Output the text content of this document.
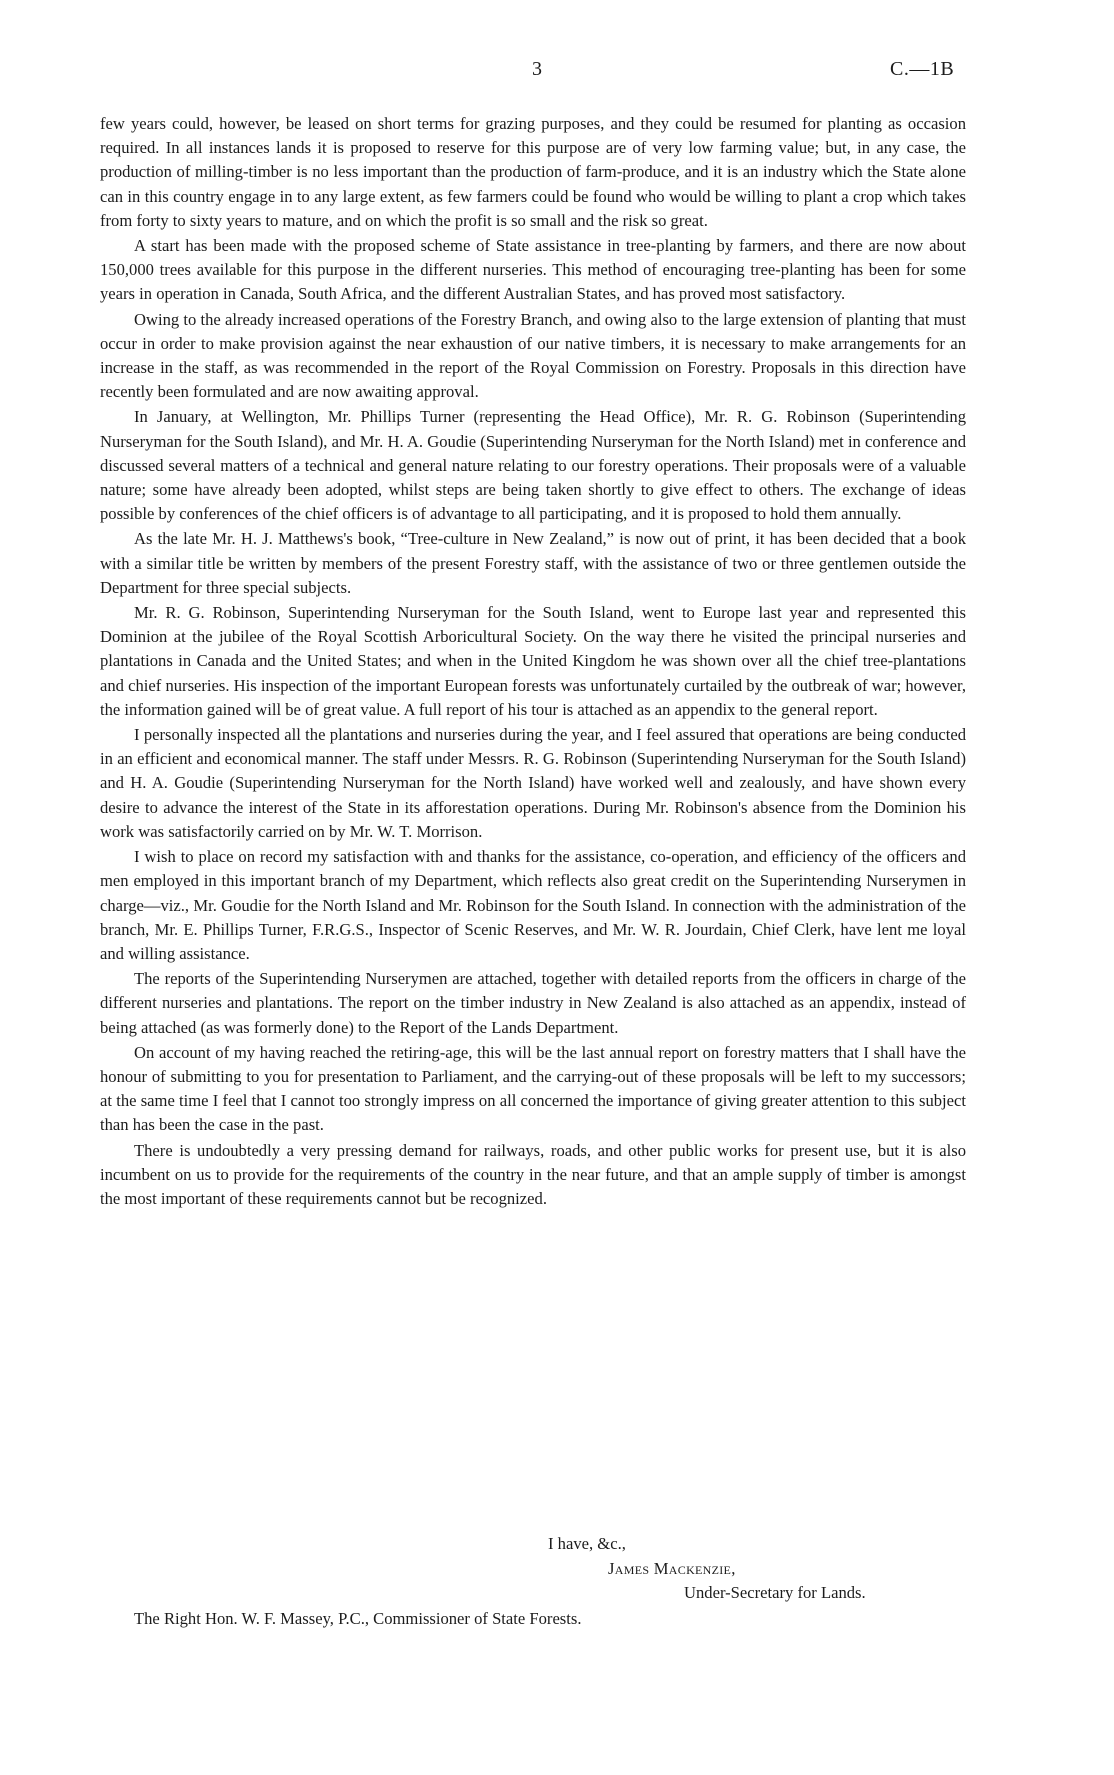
3	C.—1B

few years could, however, be leased on short terms for grazing purposes, and they could be resumed for planting as occasion required. In all instances lands it is proposed to reserve for this purpose are of very low farming value; but, in any case, the production of milling-timber is no less important than the production of farm-produce, and it is an industry which the State alone can in this country engage in to any large extent, as few farmers could be found who would be willing to plant a crop which takes from forty to sixty years to mature, and on which the profit is so small and the risk so great.

A start has been made with the proposed scheme of State assistance in tree-planting by farmers, and there are now about 150,000 trees available for this purpose in the different nurseries. This method of encouraging tree-planting has been for some years in operation in Canada, South Africa, and the different Australian States, and has proved most satisfactory.

Owing to the already increased operations of the Forestry Branch, and owing also to the large extension of planting that must occur in order to make provision against the near exhaustion of our native timbers, it is necessary to make arrangements for an increase in the staff, as was recommended in the report of the Royal Commission on Forestry. Proposals in this direction have recently been formulated and are now awaiting approval.

In January, at Wellington, Mr. Phillips Turner (representing the Head Office), Mr. R. G. Robinson (Superintending Nurseryman for the South Island), and Mr. H. A. Goudie (Superintending Nurseryman for the North Island) met in conference and discussed several matters of a technical and general nature relating to our forestry operations. Their proposals were of a valuable nature; some have already been adopted, whilst steps are being taken shortly to give effect to others. The exchange of ideas possible by conferences of the chief officers is of advantage to all participating, and it is proposed to hold them annually.

As the late Mr. H. J. Matthews's book, “Tree-culture in New Zealand,” is now out of print, it has been decided that a book with a similar title be written by members of the present Forestry staff, with the assistance of two or three gentlemen outside the Department for three special subjects.

Mr. R. G. Robinson, Superintending Nurseryman for the South Island, went to Europe last year and represented this Dominion at the jubilee of the Royal Scottish Arboricultural Society. On the way there he visited the principal nurseries and plantations in Canada and the United States; and when in the United Kingdom he was shown over all the chief tree-plantations and chief nurseries. His inspection of the important European forests was unfortunately curtailed by the outbreak of war; however, the information gained will be of great value. A full report of his tour is attached as an appendix to the general report.

I personally inspected all the plantations and nurseries during the year, and I feel assured that operations are being conducted in an efficient and economical manner. The staff under Messrs. R. G. Robinson (Superintending Nurseryman for the South Island) and H. A. Goudie (Superintending Nurseryman for the North Island) have worked well and zealously, and have shown every desire to advance the interest of the State in its afforestation operations. During Mr. Robinson's absence from the Dominion his work was satisfactorily carried on by Mr. W. T. Morrison.

I wish to place on record my satisfaction with and thanks for the assistance, co-operation, and efficiency of the officers and men employed in this important branch of my Department, which reflects also great credit on the Superintending Nurserymen in charge—viz., Mr. Goudie for the North Island and Mr. Robinson for the South Island. In connection with the administration of the branch, Mr. E. Phillips Turner, F.R.G.S., Inspector of Scenic Reserves, and Mr. W. R. Jourdain, Chief Clerk, have lent me loyal and willing assistance.

The reports of the Superintending Nurserymen are attached, together with detailed reports from the officers in charge of the different nurseries and plantations. The report on the timber industry in New Zealand is also attached as an appendix, instead of being attached (as was formerly done) to the Report of the Lands Department.

On account of my having reached the retiring-age, this will be the last annual report on forestry matters that I shall have the honour of submitting to you for presentation to Parliament, and the carrying-out of these proposals will be left to my successors; at the same time I feel that I cannot too strongly impress on all concerned the importance of giving greater attention to this subject than has been the case in the past.

There is undoubtedly a very pressing demand for railways, roads, and other public works for present use, but it is also incumbent on us to provide for the requirements of the country in the near future, and that an ample supply of timber is amongst the most important of these requirements cannot but be recognized.

I have, &c.,
James Mackenzie,
Under-Secretary for Lands.
The Right Hon. W. F. Massey, P.C., Commissioner of State Forests.
